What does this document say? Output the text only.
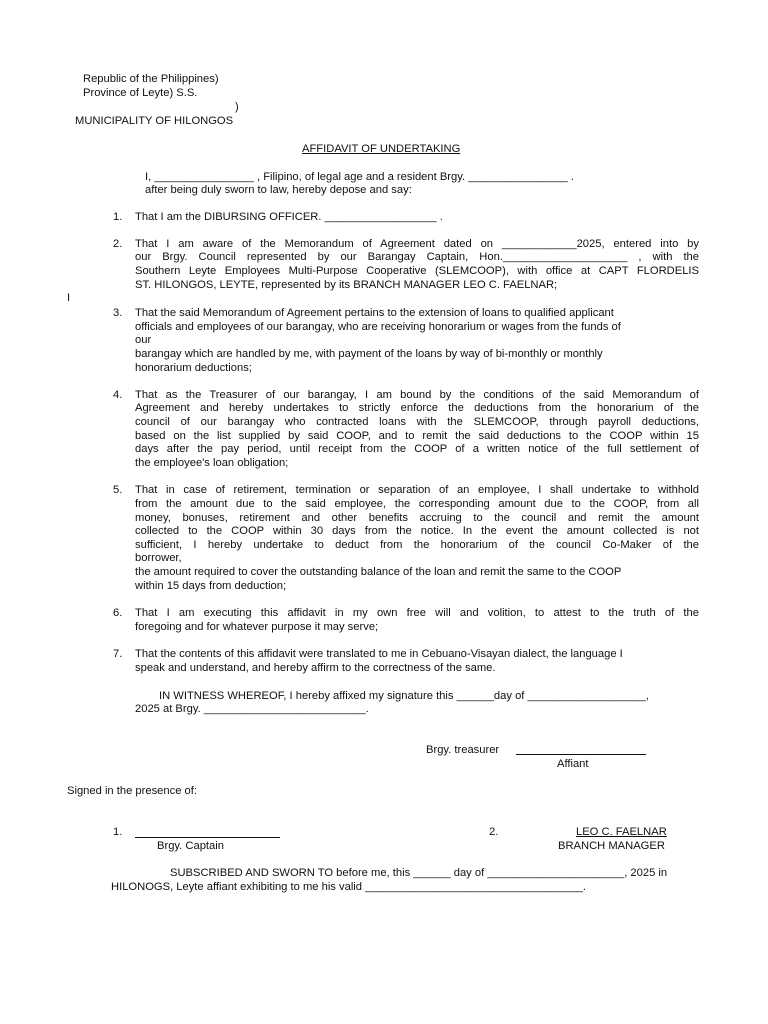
Republic of the Philippines)
Province of Leyte) S.S.
)
MUNICIPALITY OF HILONGOS
AFFIDAVIT OF UNDERTAKING
I, ________________ , Filipino, of legal age and a resident Brgy. ________________ .
after being duly sworn to law, hereby depose and say:
I
1. That I am the DIBURSING OFFICER. __________________ .
2. That I am aware of the Memorandum of Agreement dated on ____________2025, entered into by
our Brgy. Council represented by our Barangay Captain, Hon.____________________ , with the
Southern Leyte Employees Multi-Purpose Cooperative (SLEMCOOP), with office at CAPT FLORDELIS
ST. HILONGOS, LEYTE, represented by its BRANCH MANAGER LEO C. FAELNAR;
3. That the said Memorandum of Agreement pertains to the extension of loans to qualified applicant
officials and employees of our barangay, who are receiving honorarium or wages from the funds of
our
barangay which are handled by me, with payment of the loans by way of bi-monthly or monthly
honorarium deductions;
4. That as the Treasurer of our barangay, I am bound by the conditions of the said Memorandum of
Agreement and hereby undertakes to strictly enforce the deductions from the honorarium of the
council of our barangay who contracted loans with the SLEMCOOP, through payroll deductions,
based on the list supplied by said COOP, and to remit the said deductions to the COOP within 15
days after the pay period, until receipt from the COOP of a written notice of the full settlement of
the employee's loan obligation;
5. That in case of retirement, termination or separation of an employee, I shall undertake to withhold
from the amount due to the said employee, the corresponding amount due to the COOP, from all
money, bonuses, retirement and other benefits accruing to the council and remit the amount
collected to the COOP within 30 days from the notice. In the event the amount collected is not
sufficient, I hereby undertake to deduct from the honorarium of the council Co-Maker of the
borrower,
the amount required to cover the outstanding balance of the loan and remit the same to the COOP
within 15 days from deduction;
6. That I am executing this affidavit in my own free will and volition, to attest to the truth of the
foregoing and for whatever purpose it may serve;
7. That the contents of this affidavit were translated to me in Cebuano-Visayan dialect, the language I
speak and understand, and hereby affirm to the correctness of the same.
IN WITNESS WHEREOF, I hereby affixed my signature this ______day of ___________________,
2025 at Brgy. __________________________.
Brgy. treasurer
Affiant
Signed in the presence of:
1.
Brgy. Captain
2.	LEO C. FAELNAR
BRANCH MANAGER
SUBSCRIBED AND SWORN TO before me, this ______ day of ______________________, 2025 in
HILONOGS, Leyte affiant exhibiting to me his valid ___________________________________.
